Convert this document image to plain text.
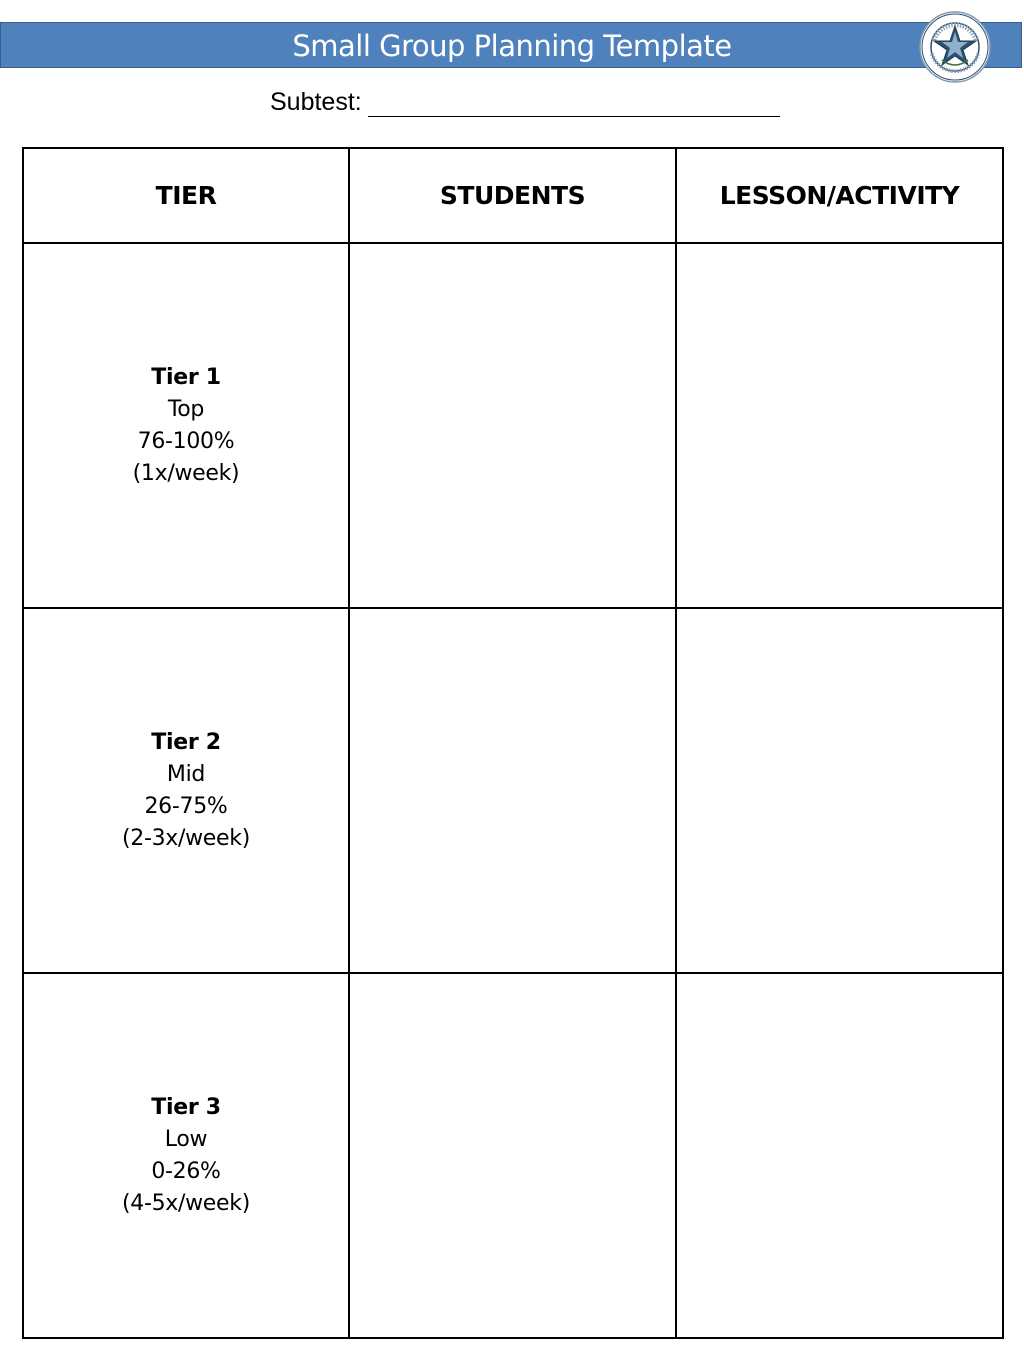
Small Group Planning Template
Subtest:
TIER	STUDENTS	LESSON/ACTIVITY

Tier 1
Top
76-100%
(1x/week)		

Tier 2
Mid
26-75%
(2-3x/week)		

Tier 3
Low
0-26%
(4-5x/week)		
